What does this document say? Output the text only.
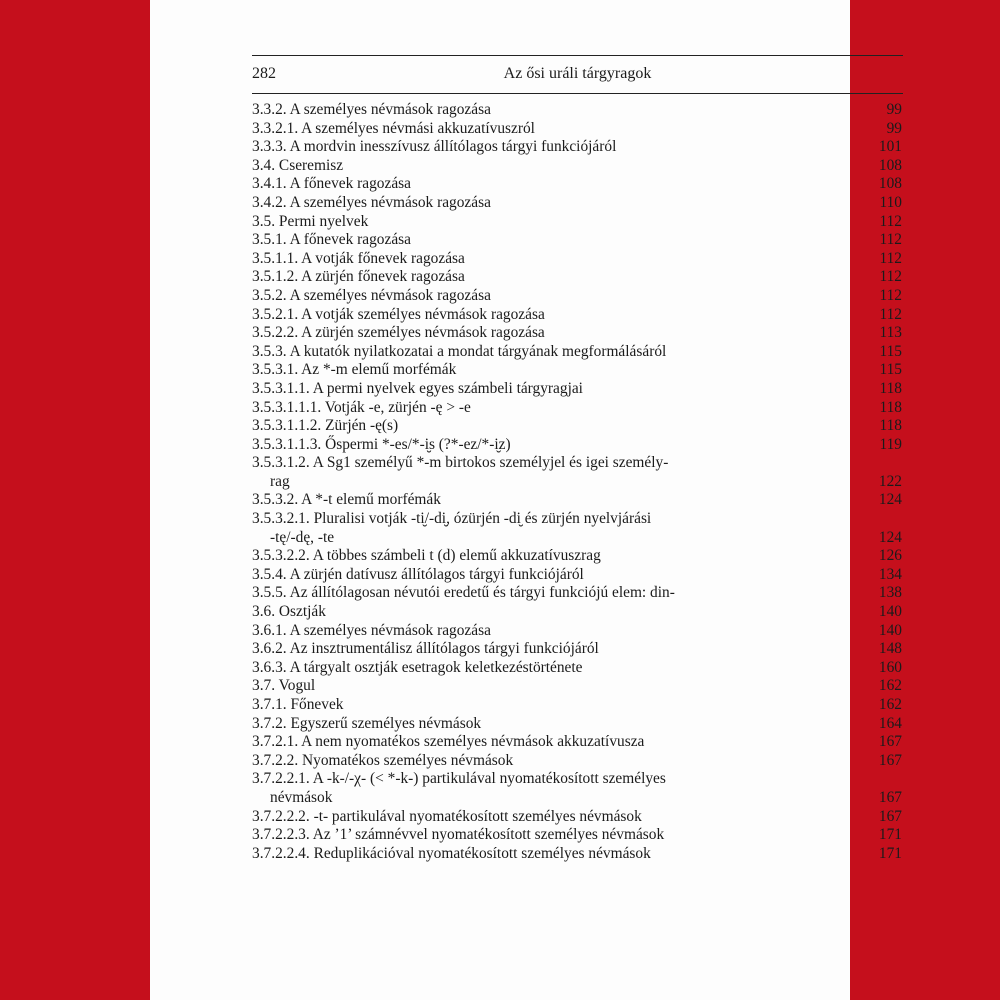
282	Az ősi uráli tárgyragok
3.3.2. A személyes névmások ragozása	99
3.3.2.1. A személyes névmási akkuzatívuszról	99
3.3.3. A mordvin inesszívusz állítólagos tárgyi funkciójáról	101
3.4. Cseremisz	108
3.4.1. A főnevek ragozása	108
3.4.2. A személyes névmások ragozása	110
3.5. Permi nyelvek	112
3.5.1. A főnevek ragozása	112
3.5.1.1. A votják főnevek ragozása	112
3.5.1.2. A zürjén főnevek ragozása	112
3.5.2. A személyes névmások ragozása	112
3.5.2.1. A votják személyes névmások ragozása	112
3.5.2.2. A zürjén személyes névmások ragozása	113
3.5.3. A kutatók nyilatkozatai a mondat tárgyának megformálásáról	115
3.5.3.1. Az *-m elemű morfémák	115
3.5.3.1.1. A permi nyelvek egyes számbeli tárgyragjai	118
3.5.3.1.1.1. Votják -e, zürjén -ę > -e	118
3.5.3.1.1.2. Zürjén -ę(s)	118
3.5.3.1.1.3. Őspermi *-es/*-i̮s (?*-ez/*-i̮z)	119
3.5.3.1.2. A Sg1 személyű *-m birtokos személyjel és igei személy-
rag	122
3.5.3.2. A *-t elemű morfémák	124
3.5.3.2.1. Pluralisi votják -ti̮/-di̮, ózürjén -di̮ és zürjén nyelvjárási
-tę/-dę, -te	124
3.5.3.2.2. A többes számbeli t (d) elemű akkuzatívuszrag	126
3.5.4. A zürjén datívusz állítólagos tárgyi funkciójáról	134
3.5.5. Az állítólagosan névutói eredetű és tárgyi funkciójú elem: din-	138
3.6. Osztják	140
3.6.1. A személyes névmások ragozása	140
3.6.2. Az insztrumentálisz állítólagos tárgyi funkciójáról	148
3.6.3. A tárgyalt osztják esetragok keletkezéstörténete	160
3.7. Vogul	162
3.7.1. Főnevek	162
3.7.2. Egyszerű személyes névmások	164
3.7.2.1. A nem nyomatékos személyes névmások akkuzatívusza	167
3.7.2.2. Nyomatékos személyes névmások	167
3.7.2.2.1. A -k-/-χ- (< *-k-) partikulával nyomatékosított személyes
névmások	167
3.7.2.2.2. -t- partikulával nyomatékosított személyes névmások	167
3.7.2.2.3. Az ’1’ számnévvel nyomatékosított személyes névmások	171
3.7.2.2.4. Reduplikációval nyomatékosított személyes névmások	171
